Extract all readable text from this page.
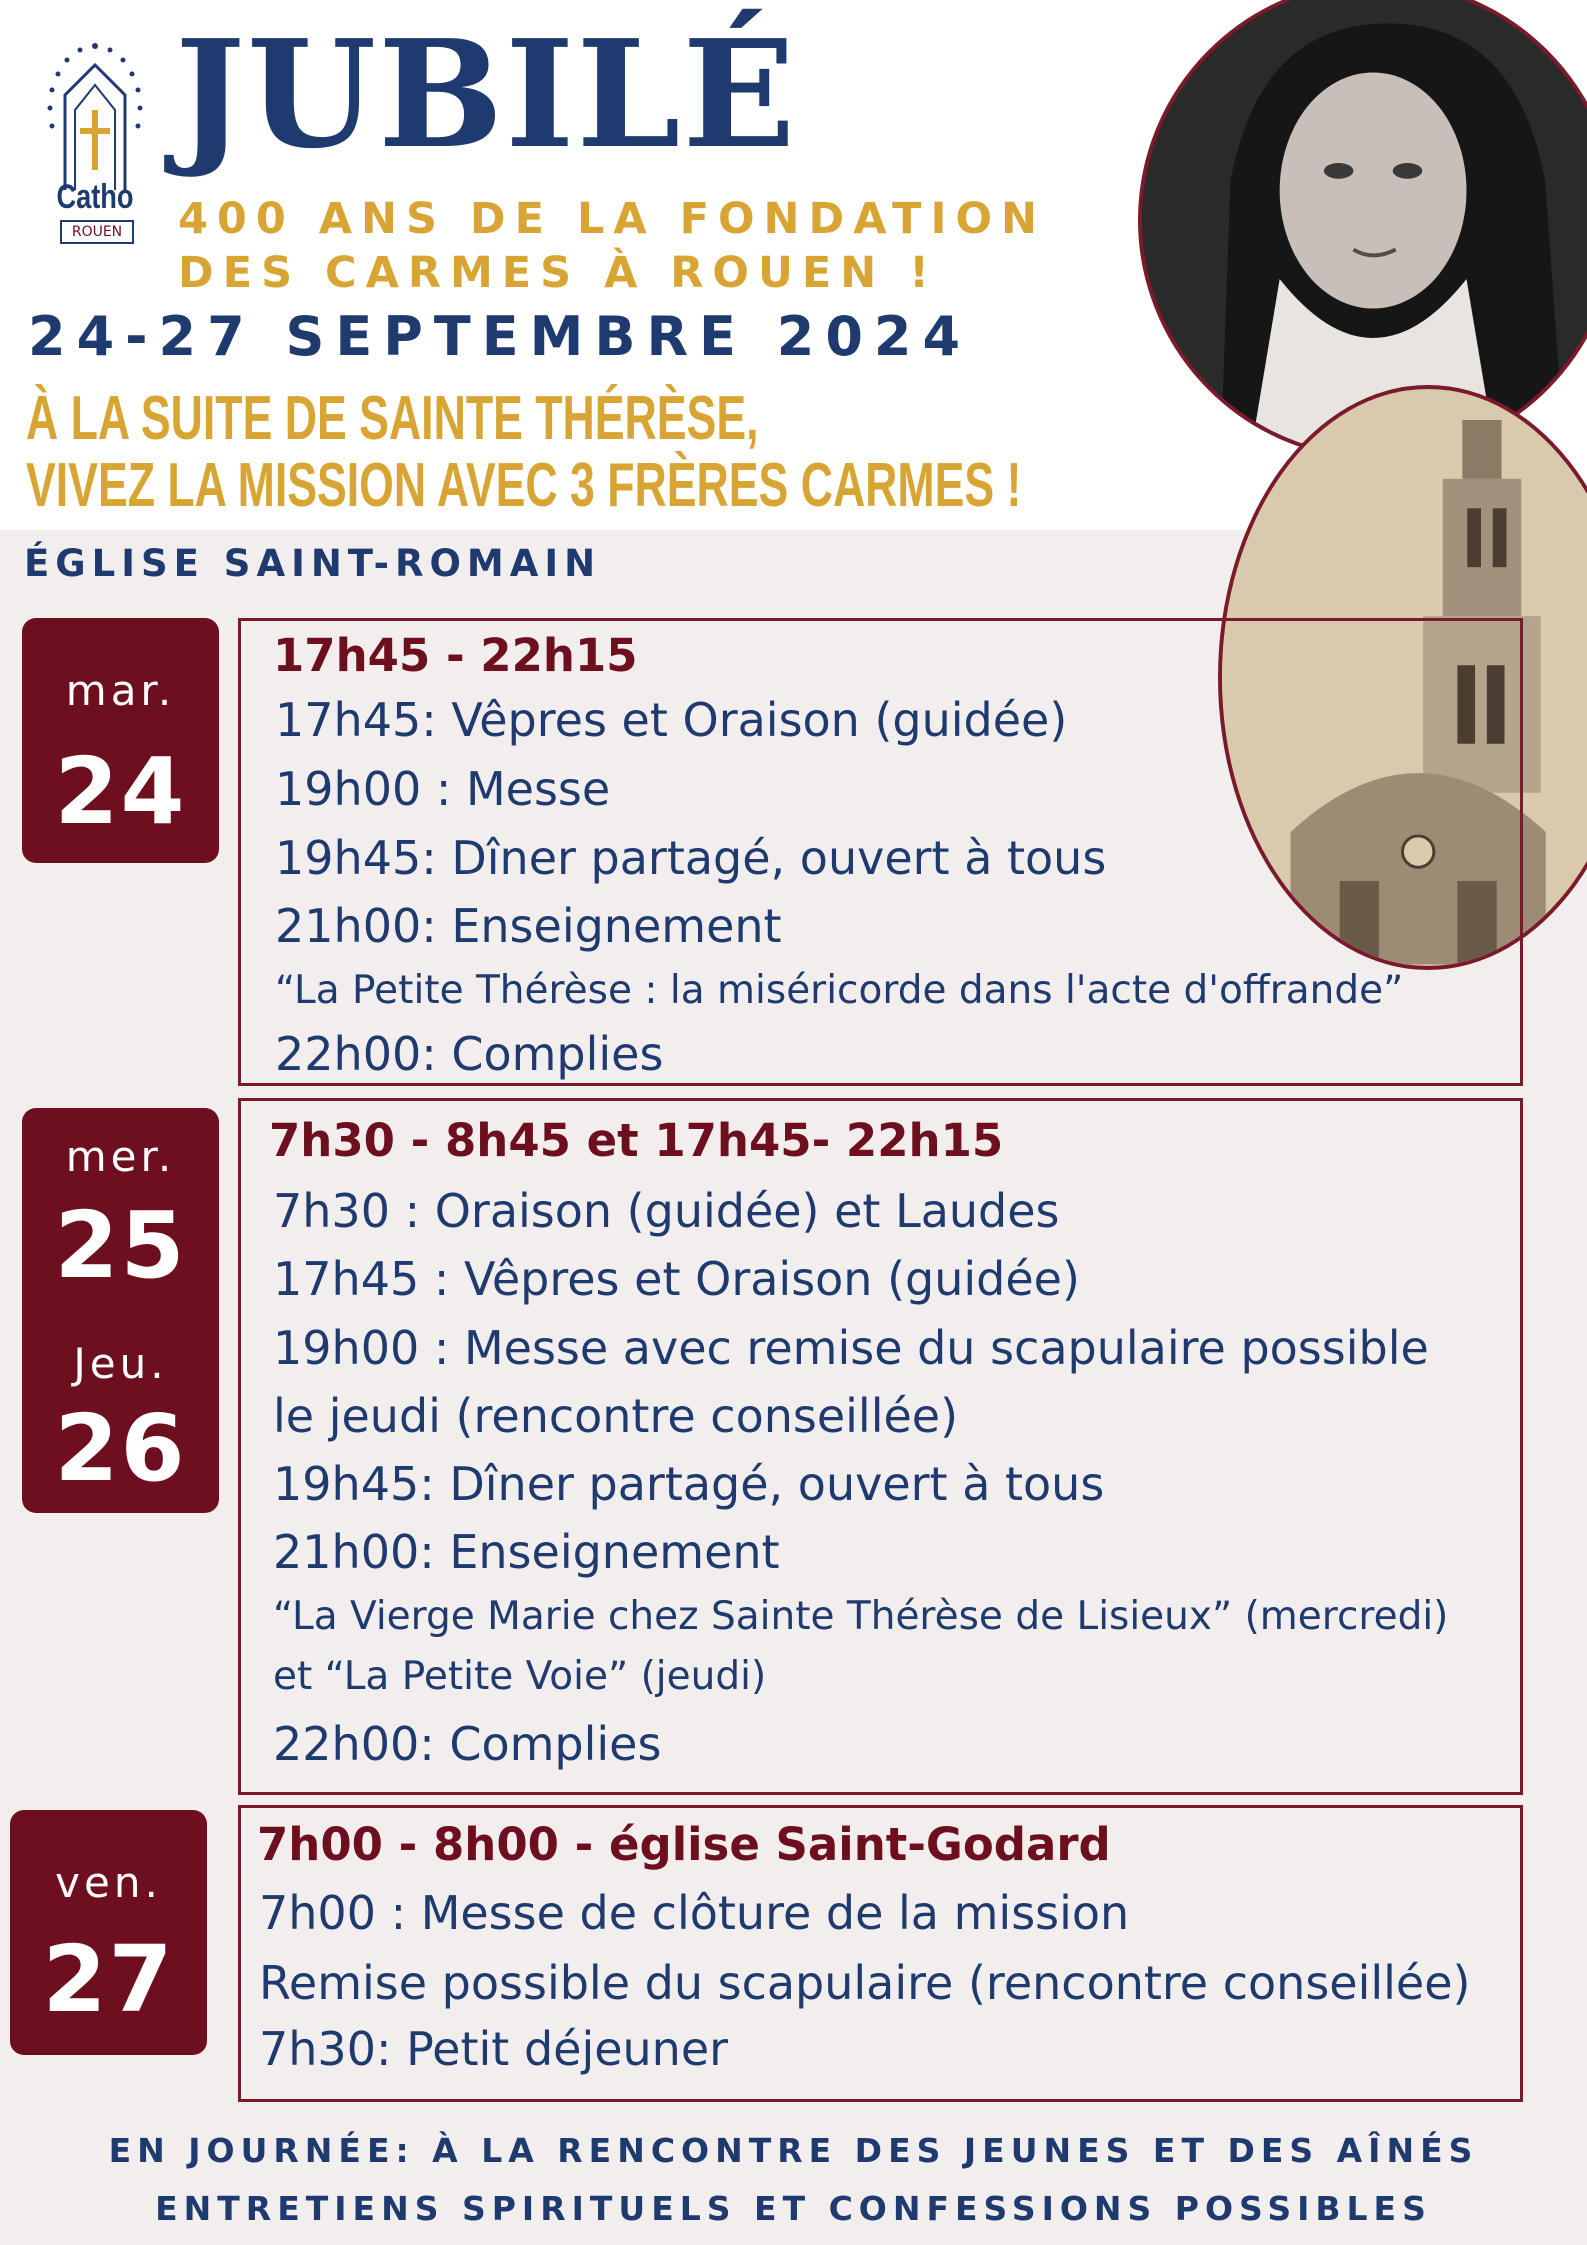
Catho
ROUEN
JUBILÉ
400 ANS DE LA FONDATION
DES CARMES À ROUEN !
24-27 SEPTEMBRE 2024
À LA SUITE DE SAINTE THÉRÈSE,
VIVEZ LA MISSION AVEC 3 FRÈRES CARMES !
ÉGLISE SAINT-ROMAIN
mar.
24
mer.
25
Jeu.
26
ven.
27
17h45 - 22h15
17h45: Vêpres et Oraison (guidée)
19h00 : Messe
19h45: Dîner partagé, ouvert à tous
21h00: Enseignement
“La Petite Thérèse : la miséricorde dans l'acte d'offrande”
22h00: Complies
7h30 - 8h45 et 17h45- 22h15
7h30 : Oraison (guidée) et Laudes
17h45 : Vêpres et Oraison (guidée)
19h00 : Messe avec remise du scapulaire possible
le jeudi (rencontre conseillée)
19h45: Dîner partagé, ouvert à tous
21h00: Enseignement
“La Vierge Marie chez Sainte Thérèse de Lisieux” (mercredi)
et “La Petite Voie” (jeudi)
22h00: Complies
7h00 - 8h00 - église Saint-Godard
7h00 : Messe de clôture de la mission
Remise possible du scapulaire (rencontre conseillée)
7h30: Petit déjeuner
EN JOURNÉE: À LA RENCONTRE DES JEUNES ET DES AÎNÉS
ENTRETIENS SPIRITUELS ET CONFESSIONS POSSIBLES
